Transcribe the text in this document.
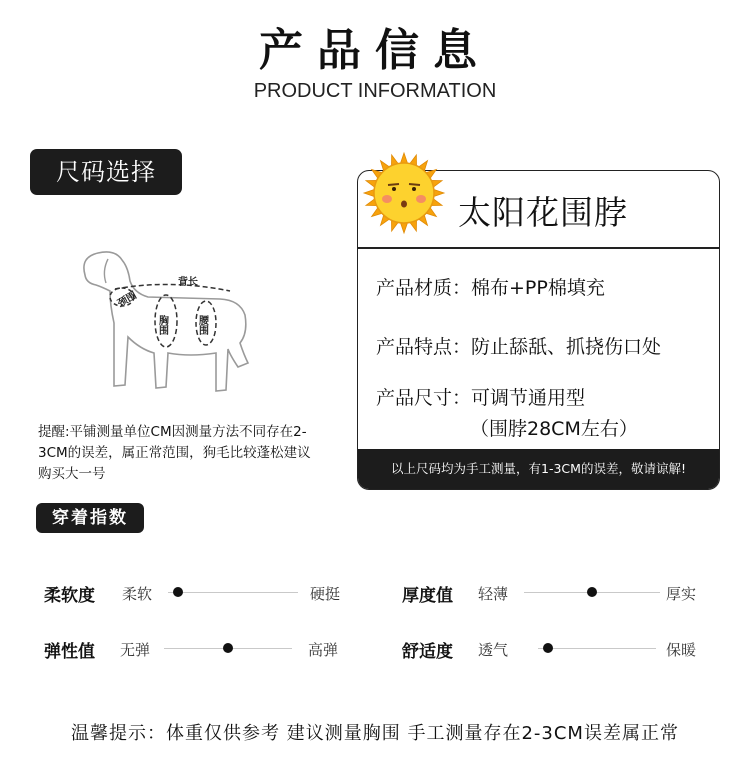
产品信息
PRODUCT INFORMATION
尺码选择
背长
颈围
胸围	腰围
提醒:平铺测量单位CM因测量方法不同存在2-3CM的误差，属正常范围，狗毛比较蓬松建议 购买大一号
太阳花围脖
产品材质：棉布+PP棉填充
产品特点：防止舔舐、抓挠伤口处
产品尺寸：可调节通用型
（围脖28CM左右）
以上尺码均为手工测量，有1-3CM的误差，敬请谅解!
穿着指数
柔软度 柔软	硬挺	厚度值 轻薄	厚实
弹性值 无弹	高弹	舒适度 透气	保暖
温馨提示：体重仅供参考 建议测量胸围 手工测量存在2-3CM误差属正常
